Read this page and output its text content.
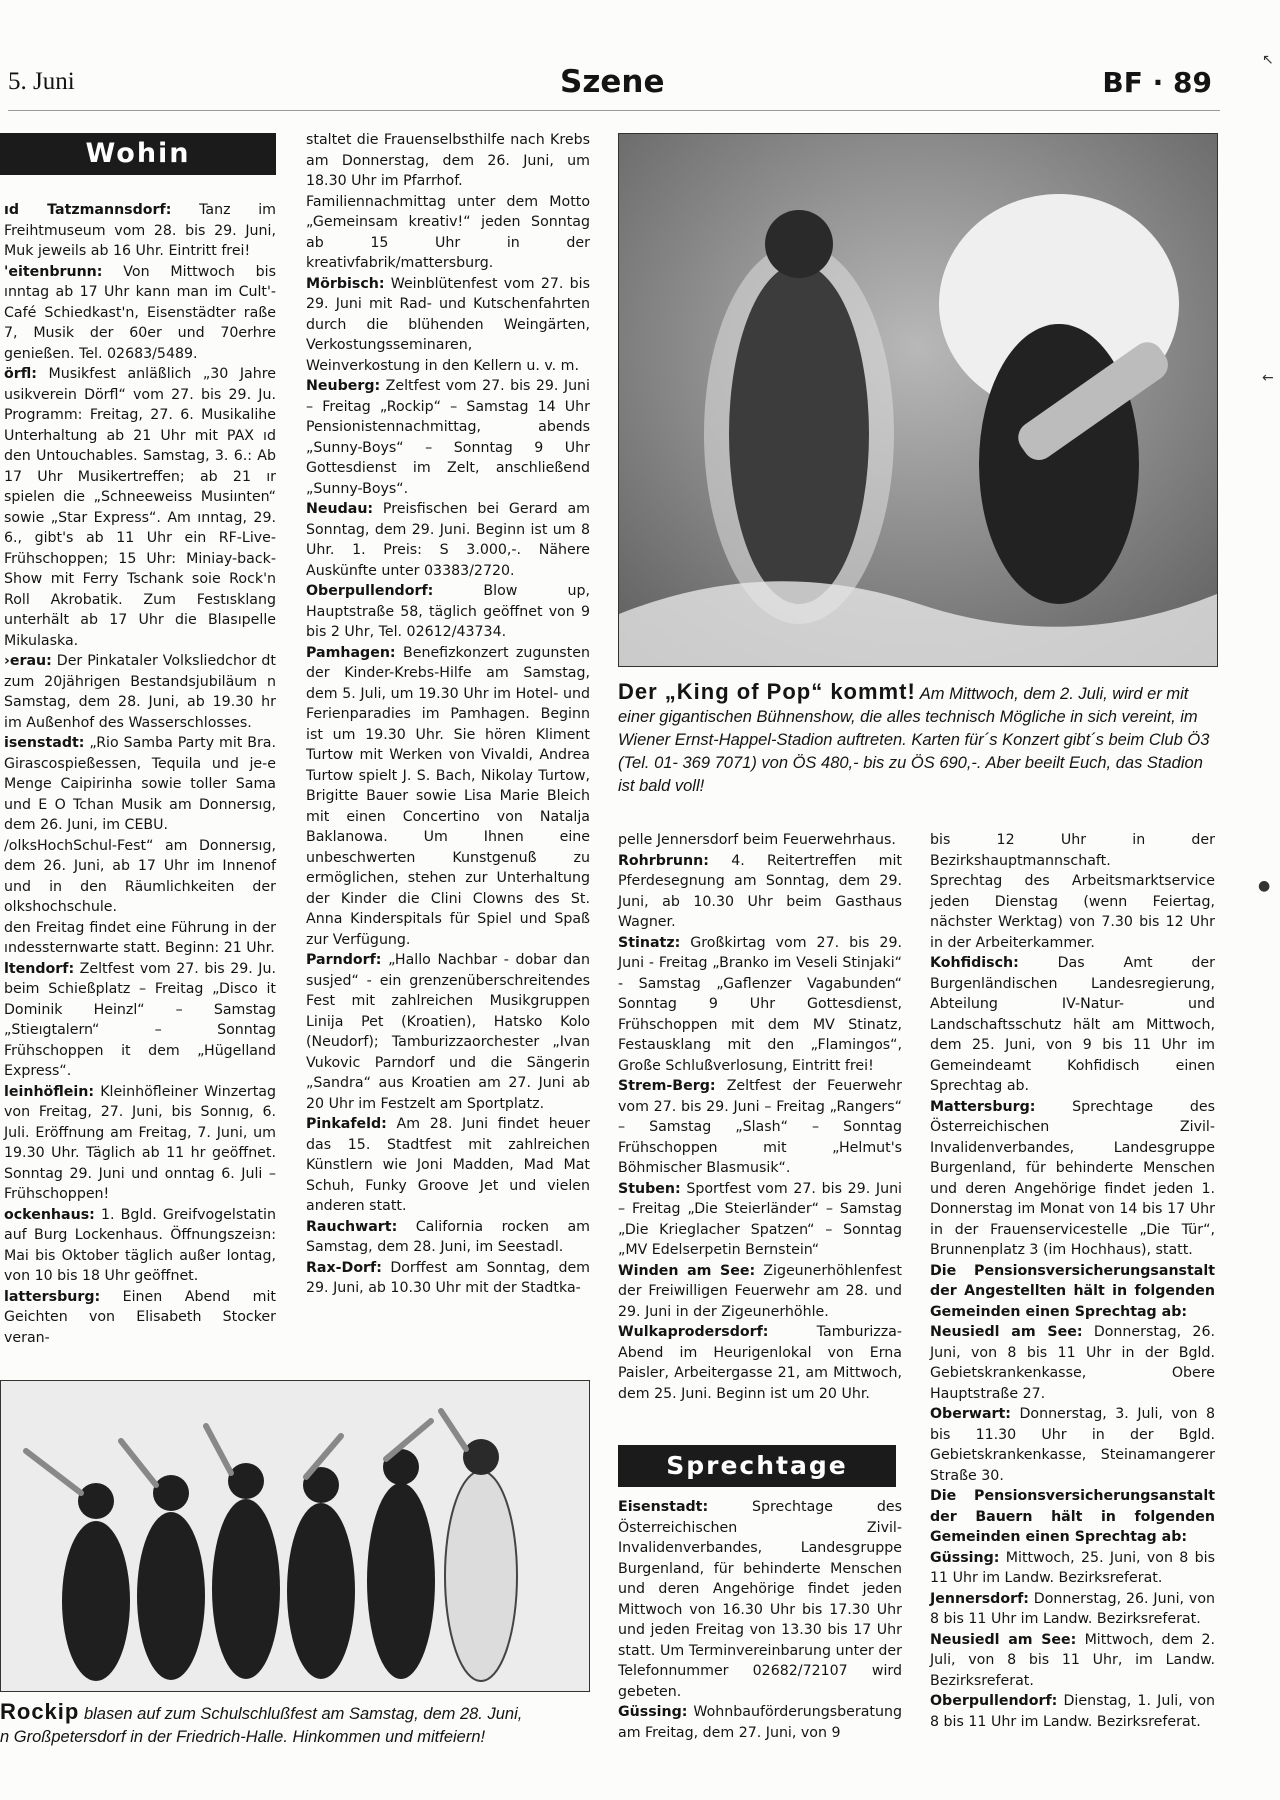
5. Juni	Szene	BF · 89
Wohin

ıd Tatzmannsdorf: Tanz im Freihtmuseum vom 28. bis 29. Juni, Muk jeweils ab 16 Uhr. Eintritt frei!

'eitenbrunn: Von Mittwoch bis ınntag ab 17 Uhr kann man im Cult'-Café Schiedkast'n, Eisenstädter raße 7, Musik der 60er und 70erhre genießen. Tel. 02683/5489.

örfl: Musikfest anläßlich „30 Jahre usikverein Dörfl“ vom 27. bis 29. Ju. Programm: Freitag, 27. 6. Musikalihe Unterhaltung ab 21 Uhr mit PAX ıd den Untouchables. Samstag, 3. 6.: Ab 17 Uhr Musikertreffen; ab 21 ır spielen die „Schneeweiss Musiınten“ sowie „Star Express“. Am ınntag, 29. 6., gibt's ab 11 Uhr ein RF-Live-Frühschoppen; 15 Uhr: Miniay-back-Show mit Ferry Tschank soie Rock'n Roll Akrobatik. Zum Festısklang unterhält ab 17 Uhr die Blasıpelle Mikulaska.

›erau: Der Pinkataler Volksliedchor dt zum 20jährigen Bestandsjubiläum n Samstag, dem 28. Juni, ab 19.30 hr im Außenhof des Wasserschlosses.

isenstadt: „Rio Samba Party mit Bra. Girascospießessen, Tequila und je-e Menge Caipirinha sowie toller Sama und E O Tchan Musik am Donnersıg, dem 26. Juni, im CEBU.

/olksHochSchul-Fest“ am Donnersıg, dem 26. Juni, ab 17 Uhr im Innenof und in den Räumlichkeiten der olkshochschule.

den Freitag findet eine Führung in der ındessternwarte statt. Beginn: 21 Uhr.

ltendorf: Zeltfest vom 27. bis 29. Ju. beim Schießplatz – Freitag „Disco it Dominik Heinzl“ – Samstag „Stieıgtalern“ – Sonntag Frühschoppen it dem „Hügelland Express“.

leinhöflein: Kleinhöfleiner Winzertag von Freitag, 27. Juni, bis Sonnıg, 6. Juli. Eröffnung am Freitag, 7. Juni, um 19.30 Uhr. Täglich ab 11 hr geöffnet. Sonntag 29. Juni und onntag 6. Juli – Frühschoppen!

ockenhaus: 1. Bgld. Greifvogelstatin auf Burg Lockenhaus. Öffnungszeiɜn: Mai bis Oktober täglich außer lontag, von 10 bis 18 Uhr geöffnet.

lattersburg: Einen Abend mit Geichten von Elisabeth Stocker veran-

staltet die Frauenselbsthilfe nach Krebs am Donnerstag, dem 26. Juni, um 18.30 Uhr im Pfarrhof.

Familiennachmittag unter dem Motto „Gemeinsam kreativ!“ jeden Sonntag ab 15 Uhr in der kreativfabrik/mattersburg.

Mörbisch: Weinblütenfest vom 27. bis 29. Juni mit Rad- und Kutschenfahrten durch die blühenden Weingärten, Verkostungsseminaren, Weinverkostung in den Kellern u. v. m.

Neuberg: Zeltfest vom 27. bis 29. Juni – Freitag „Rockip“ – Samstag 14 Uhr Pensionistennachmittag, abends „Sunny-Boys“ – Sonntag 9 Uhr Gottesdienst im Zelt, anschließend „Sunny-Boys“.

Neudau: Preisfischen bei Gerard am Sonntag, dem 29. Juni. Beginn ist um 8 Uhr. 1. Preis: S 3.000,-. Nähere Auskünfte unter 03383/2720.

Oberpullendorf: Blow up, Hauptstraße 58, täglich geöffnet von 9 bis 2 Uhr, Tel. 02612/43734.

Pamhagen: Benefizkonzert zugunsten der Kinder-Krebs-Hilfe am Samstag, dem 5. Juli, um 19.30 Uhr im Hotel- und Ferienparadies im Pamhagen. Beginn ist um 19.30 Uhr. Sie hören Kliment Turtow mit Werken von Vivaldi, Andrea Turtow spielt J. S. Bach, Nikolay Turtow, Brigitte Bauer sowie Lisa Marie Bleich mit einen Concertino von Natalja Baklanowa. Um Ihnen eine unbeschwerten Kunstgenuß zu ermöglichen, stehen zur Unterhaltung der Kinder die Clini Clowns des St. Anna Kinderspitals für Spiel und Spaß zur Verfügung.

Parndorf: „Hallo Nachbar - dobar dan susjed“ - ein grenzenüberschreitendes Fest mit zahlreichen Musikgruppen Linija Pet (Kroatien), Hatsko Kolo (Neudorf); Tamburizzaorchester „Ivan Vukovic Parndorf und die Sängerin „Sandra“ aus Kroatien am 27. Juni ab 20 Uhr im Festzelt am Sportplatz.

Pinkafeld: Am 28. Juni findet heuer das 15. Stadtfest mit zahlreichen Künstlern wie Joni Madden, Mad Mat Schuh, Funky Groove Jet und vielen anderen statt.

Rauchwart: California rocken am Samstag, dem 28. Juni, im Seestadl.

Rax-Dorf: Dorffest am Sonntag, dem 29. Juni, ab 10.30 Uhr mit der Stadtka-

Der „King of Pop“ kommt! Am Mittwoch, dem 2. Juli, wird er mit einer gigantischen Bühnenshow, die alles technisch Mögliche in sich vereint, im Wiener Ernst-Happel-Stadion auftreten. Karten für´s Konzert gibt´s beim Club Ö3 (Tel. 01- 369 7071) von ÖS 480,- bis zu ÖS 690,-. Aber beeilt Euch, das Stadion ist bald voll!

pelle Jennersdorf beim Feuerwehrhaus.

Rohrbrunn: 4. Reitertreffen mit Pferdesegnung am Sonntag, dem 29. Juni, ab 10.30 Uhr beim Gasthaus Wagner.

Stinatz: Großkirtag vom 27. bis 29. Juni - Freitag „Branko im Veseli Stinjaki“ - Samstag „Gaflenzer Vagabunden“ Sonntag 9 Uhr Gottesdienst, Frühschoppen mit dem MV Stinatz, Festausklang mit den „Flamingos“, Große Schlußverlosung, Eintritt frei!

Strem-Berg: Zeltfest der Feuerwehr vom 27. bis 29. Juni – Freitag „Rangers“ – Samstag „Slash“ – Sonntag Frühschoppen mit „Helmut's Böhmischer Blasmusik“.

Stuben: Sportfest vom 27. bis 29. Juni – Freitag „Die Steierländer“ – Samstag „Die Krieglacher Spatzen“ – Sonntag „MV Edelserpetin Bernstein“

Winden am See: Zigeunerhöhlenfest der Freiwilligen Feuerwehr am 28. und 29. Juni in der Zigeunerhöhle.

Wulkaprodersdorf: Tamburizza-Abend im Heurigenlokal von Erna Paisler, Arbeitergasse 21, am Mittwoch, dem 25. Juni. Beginn ist um 20 Uhr.

Sprechtage

Eisenstadt: Sprechtage des Österreichischen Zivil-Invalidenverbandes, Landesgruppe Burgenland, für behinderte Menschen und deren Angehörige findet jeden Mittwoch von 16.30 Uhr bis 17.30 Uhr und jeden Freitag von 13.30 bis 17 Uhr statt. Um Terminvereinbarung unter der Telefonnummer 02682/72107 wird gebeten.

Güssing: Wohnbauförderungsberatung am Freitag, dem 27. Juni, von 9

bis 12 Uhr in der Bezirkshauptmannschaft.

Sprechtag des Arbeitsmarktservice jeden Dienstag (wenn Feiertag, nächster Werktag) von 7.30 bis 12 Uhr in der Arbeiterkammer.

Kohfidisch: Das Amt der Burgenländischen Landesregierung, Abteilung IV-Natur- und Landschaftsschutz hält am Mittwoch, dem 25. Juni, von 9 bis 11 Uhr im Gemeindeamt Kohfidisch einen Sprechtag ab.

Mattersburg: Sprechtage des Österreichischen Zivil-Invalidenverbandes, Landesgruppe Burgenland, für behinderte Menschen und deren Angehörige findet jeden 1. Donnerstag im Monat von 14 bis 17 Uhr in der Frauenservicestelle „Die Tür“, Brunnenplatz 3 (im Hochhaus), statt.

Die Pensionsversicherungsanstalt der Angestellten hält in folgenden Gemeinden einen Sprechtag ab:

Neusiedl am See: Donnerstag, 26. Juni, von 8 bis 11 Uhr in der Bgld. Gebietskrankenkasse, Obere Hauptstraße 27.

Oberwart: Donnerstag, 3. Juli, von 8 bis 11.30 Uhr in der Bgld. Gebietskrankenkasse, Steinamangerer Straße 30.

Die Pensionsversicherungsanstalt der Bauern hält in folgenden Gemeinden einen Sprechtag ab:

Güssing: Mittwoch, 25. Juni, von 8 bis 11 Uhr im Landw. Bezirksreferat.

Jennersdorf: Donnerstag, 26. Juni, von 8 bis 11 Uhr im Landw. Bezirksreferat.

Neusiedl am See: Mittwoch, dem 2. Juli, von 8 bis 11 Uhr, im Landw. Bezirksreferat.

Oberpullendorf: Dienstag, 1. Juli, von 8 bis 11 Uhr im Landw. Bezirksreferat.

Rockip blasen auf zum Schulschlußfest am Samstag, dem 28. Juni,
n Großpetersdorf in der Friedrich-Halle. Hinkommen und mitfeiern!
↖
←
●
